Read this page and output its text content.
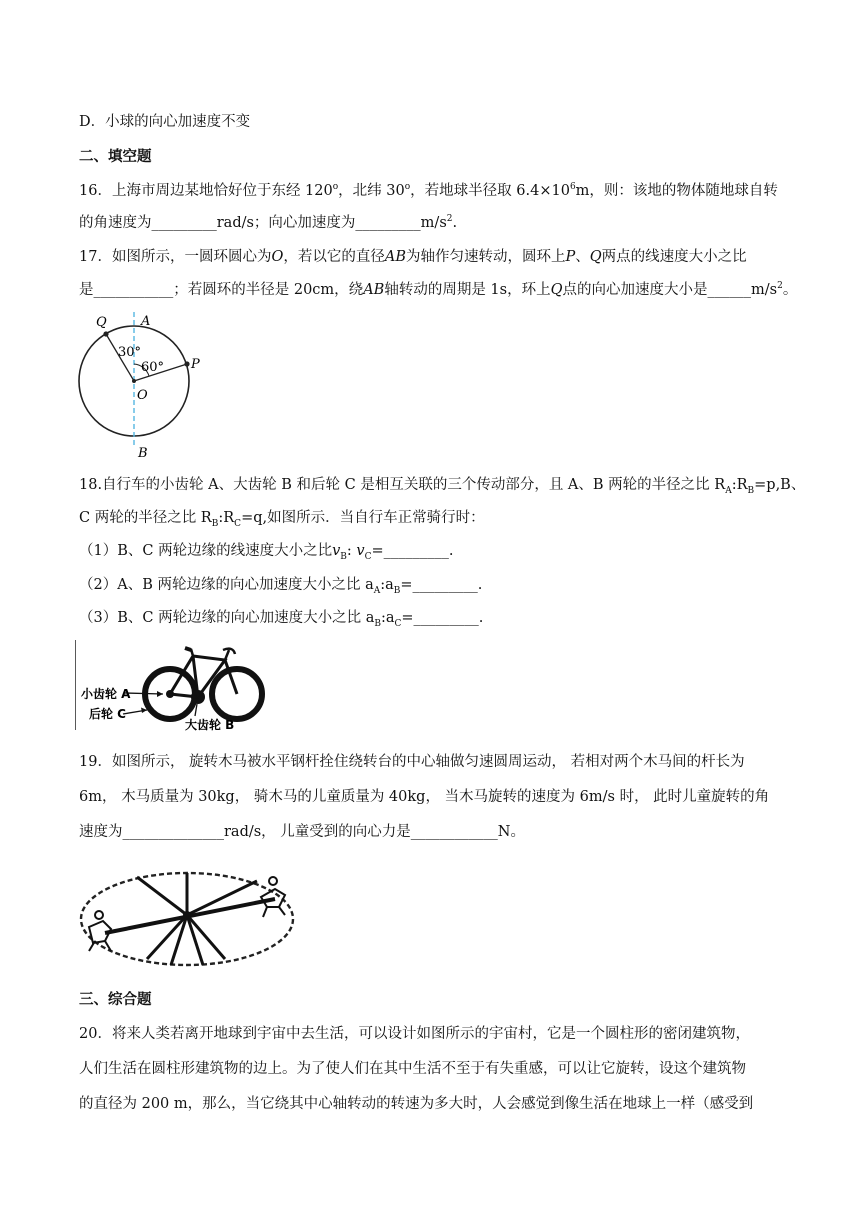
D．小球的向心加速度不变
二、填空题
16．上海市周边某地恰好位于东经 120$^o$，北纬 30$^o$，若地球半径取 $6.4\times 10^6m$，则：该地的物体随地球自转
的角速度为_________rad/s；向心加速度为$\_\_\_\_\_\_\_\_\_m/s^2$.
17．如图所示，一圆环圆心为O，若以它的直径AB为轴作匀速转动，圆环上P、Q两点的线速度大小之比
是___________；若圆环的半径是 20cm，绕AB轴转动的周期是 1s，环上Q点的向心加速度大小是$\_\_\_\_\_\_m/s^2$。
Q	A
P
O
B
30°
60°
18.自行车的小齿轮 A、大齿轮 B 和后轮 C 是相互关联的三个传动部分，且 A、B 两轮的半径之比 $R_A:R_B=p,B$、
C 两轮的半径之比 $R_B:R_C=q$,如图所示．当自行车正常骑行时：
（1）B、C 两轮边缘的线速度大小之比$v_B$: $v_C=\_\_\_\_\_\_\_\_\_$.
（2）A、B 两轮边缘的向心加速度大小之比 $a_A:a_B=\_\_\_\_\_\_\_\_\_$.
（3）B、C 两轮边缘的向心加速度大小之比 $a_B:a_C=\_\_\_\_\_\_\_\_\_$.
小齿轮 A
后轮 C
大齿轮 B
19．如图所示， 旋转木马被水平钢杆拴住绕转台的中心轴做匀速圆周运动， 若相对两个木马间的杆长为
6m， 木马质量为 30kg， 骑木马的儿童质量为 40kg， 当木马旋转的速度为 6m/s 时， 此时儿童旋转的角
速度为______________rad/s， 儿童受到的向心力是____________N。
三、综合题
20．将来人类若离开地球到宇宙中去生活，可以设计如图所示的宇宙村，它是一个圆柱形的密闭建筑物，
人们生活在圆柱形建筑物的边上。为了使人们在其中生活不至于有失重感，可以让它旋转，设这个建筑物
的直径为 200 m，那么，当它绕其中心轴转动的转速为多大时，人会感觉到像生活在地球上一样（感受到
